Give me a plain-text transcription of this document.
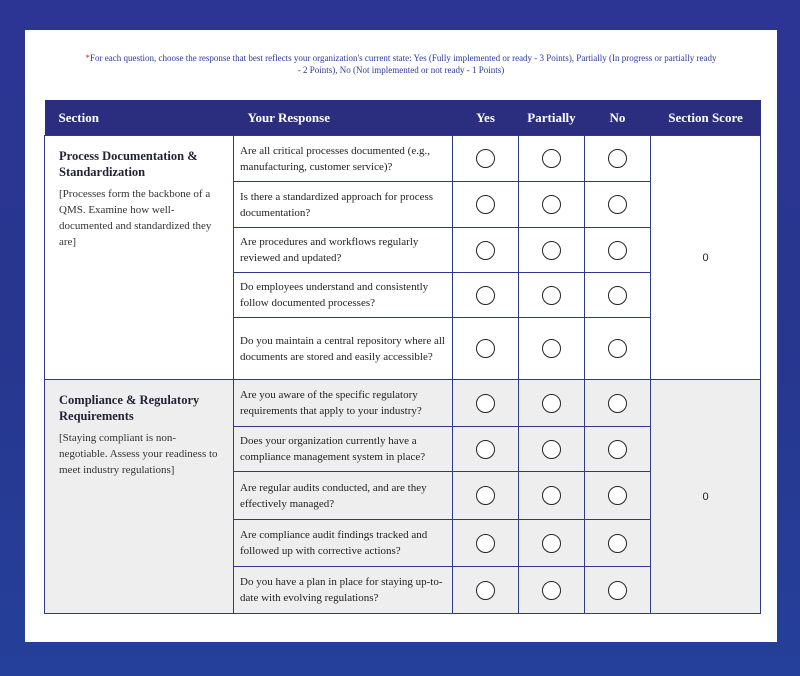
*For each question, choose the response that best reflects your organization's current state: Yes (Fully implemented or ready - 3 Points), Partially (In progress or partially ready - 2 Points), No (Not implemented or not ready - 1 Points)
Section	Your Response	Yes	Partially	No	Section Score

Process Documentation & Standardization
[Processes form the backbone of a QMS. Examine how well-documented and standardized they are]	Are all critical processes documented (e.g., manufacturing, customer service)?				0
	Is there a standardized approach for process documentation?				
	Are procedures and workflows regularly reviewed and updated?				
	Do employees understand and consistently follow documented processes?				
	Do you maintain a central repository where all documents are stored and easily accessible?				

Compliance & Regulatory Requirements
[Staying compliant is non-negotiable. Assess your readiness to meet industry regulations]	Are you aware of the specific regulatory requirements that apply to your industry?				0
	Does your organization currently have a compliance management system in place?				
	Are regular audits conducted, and are they effectively managed?				
	Are compliance audit findings tracked and followed up with corrective actions?				
	Do you have a plan in place for staying up-to-date with evolving regulations?				
